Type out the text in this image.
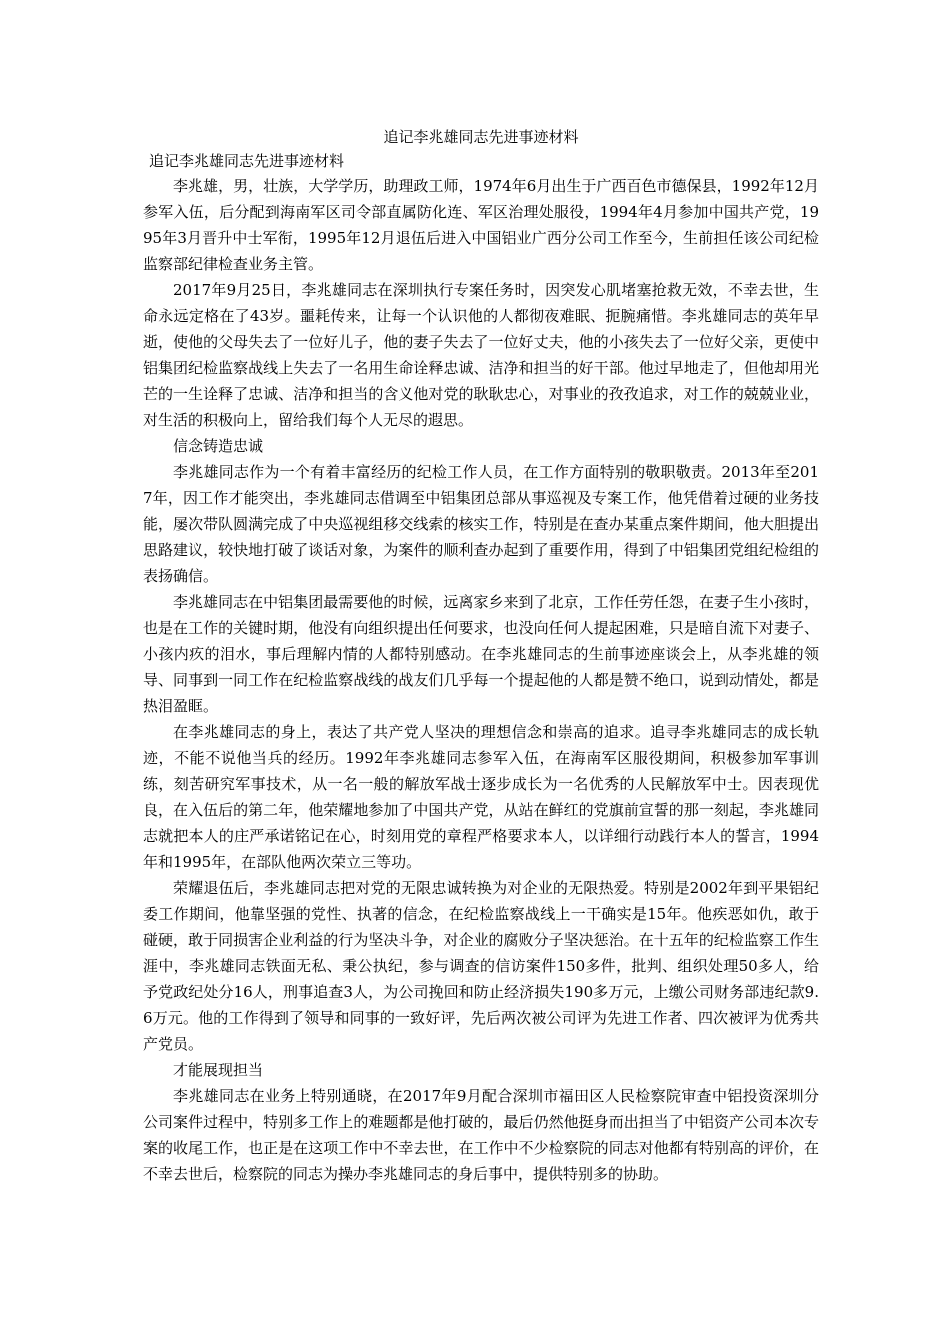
追记李兆雄同志先进事迹材料

追记李兆雄同志先进事迹材料

李兆雄，男，壮族，大学学历，助理政工师，1974年6月出生于广西百色市德保县，1992年12月参军入伍，后分配到海南军区司令部直属防化连、军区治理处服役，1994年4月参加中国共产党，1995年3月晋升中士军衔，1995年12月退伍后进入中国铝业广西分公司工作至今，生前担任该公司纪检监察部纪律检查业务主管。

2017年9月25日，李兆雄同志在深圳执行专案任务时，因突发心肌堵塞抢救无效，不幸去世，生命永远定格在了43岁。噩耗传来，让每一个认识他的人都彻夜难眠、扼腕痛惜。李兆雄同志的英年早逝，使他的父母失去了一位好儿子，他的妻子失去了一位好丈夫，他的小孩失去了一位好父亲，更使中铝集团纪检监察战线上失去了一名用生命诠释忠诚、洁净和担当的好干部。他过早地走了，但他却用光芒的一生诠释了忠诚、洁净和担当的含义他对党的耿耿忠心，对事业的孜孜追求，对工作的兢兢业业，对生活的积极向上，留给我们每个人无尽的遐思。

信念铸造忠诚

李兆雄同志作为一个有着丰富经历的纪检工作人员，在工作方面特别的敬职敬责。2013年至2017年，因工作才能突出，李兆雄同志借调至中铝集团总部从事巡视及专案工作，他凭借着过硬的业务技能，屡次带队圆满完成了中央巡视组移交线索的核实工作，特别是在查办某重点案件期间，他大胆提出思路建议，较快地打破了谈话对象，为案件的顺利查办起到了重要作用，得到了中铝集团党组纪检组的表扬确信。

李兆雄同志在中铝集团最需要他的时候，远离家乡来到了北京，工作任劳任怨，在妻子生小孩时，也是在工作的关键时期，他没有向组织提出任何要求，也没向任何人提起困难，只是暗自流下对妻子、小孩内疚的泪水，事后理解内情的人都特别感动。在李兆雄同志的生前事迹座谈会上，从李兆雄的领导、同事到一同工作在纪检监察战线的战友们几乎每一个提起他的人都是赞不绝口，说到动情处，都是热泪盈眶。

在李兆雄同志的身上，表达了共产党人坚决的理想信念和崇高的追求。追寻李兆雄同志的成长轨迹，不能不说他当兵的经历。1992年李兆雄同志参军入伍，在海南军区服役期间，积极参加军事训练，刻苦研究军事技术，从一名一般的解放军战士逐步成长为一名优秀的人民解放军中士。因表现优良，在入伍后的第二年，他荣耀地参加了中国共产党，从站在鲜红的党旗前宣誓的那一刻起，李兆雄同志就把本人的庄严承诺铭记在心，时刻用党的章程严格要求本人，以详细行动践行本人的誓言，1994年和1995年，在部队他两次荣立三等功。

荣耀退伍后，李兆雄同志把对党的无限忠诚转换为对企业的无限热爱。特别是2002年到平果铝纪委工作期间，他靠坚强的党性、执著的信念，在纪检监察战线上一干确实是15年。他疾恶如仇，敢于碰硬，敢于同损害企业利益的行为坚决斗争，对企业的腐败分子坚决惩治。在十五年的纪检监察工作生涯中，李兆雄同志铁面无私、秉公执纪，参与调查的信访案件150多件，批判、组织处理50多人，给予党政纪处分16人，刑事追查3人，为公司挽回和防止经济损失190多万元，上缴公司财务部违纪款9.6万元。他的工作得到了领导和同事的一致好评，先后两次被公司评为先进工作者、四次被评为优秀共产党员。

才能展现担当

李兆雄同志在业务上特别通晓，在2017年9月配合深圳市福田区人民检察院审查中铝投资深圳分公司案件过程中，特别多工作上的难题都是他打破的，最后仍然他挺身而出担当了中铝资产公司本次专案的收尾工作，也正是在这项工作中不幸去世，在工作中不少检察院的同志对他都有特别高的评价，在不幸去世后，检察院的同志为操办李兆雄同志的身后事中，提供特别多的协助。
